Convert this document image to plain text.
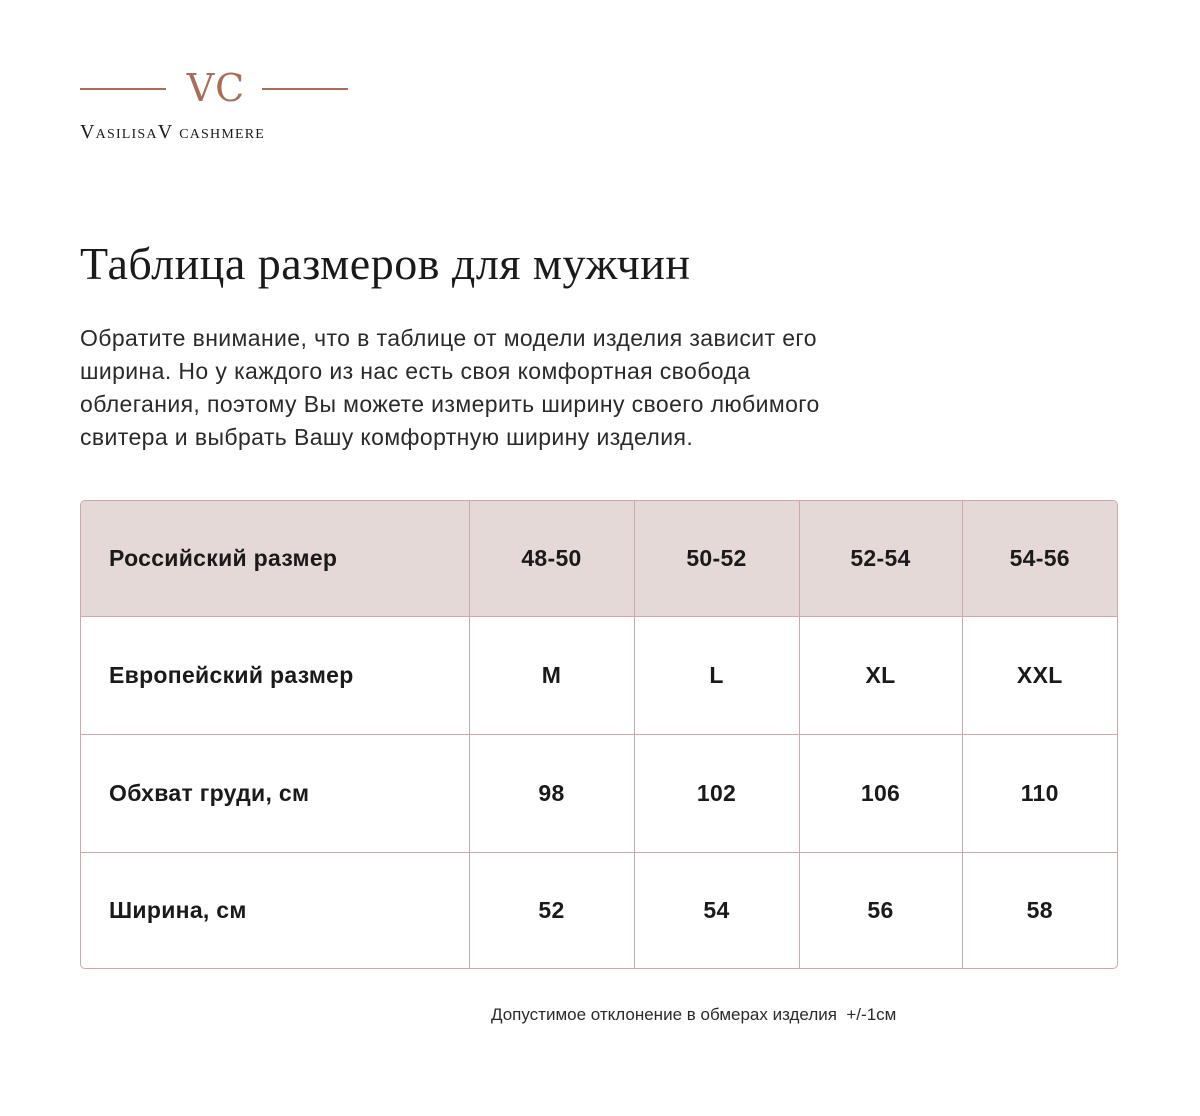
VC
VasilisaV cashmere
Таблица размеров для мужчин
Обратите внимание, что в таблице от модели изделия зависит его
ширина. Но у каждого из нас есть своя комфортная свобода
облегания, поэтому Вы можете измерить ширину своего любимого
свитера и выбрать Вашу комфортную ширину изделия.
Российский размер	48-50	50-52	52-54	54-56
Европейский размер	M	L	XL	XXL
Обхват груди, см	98	102	106	110
Ширина, см	52	54	56	58
Допустимое отклонение в обмерах изделия  +/-1см
